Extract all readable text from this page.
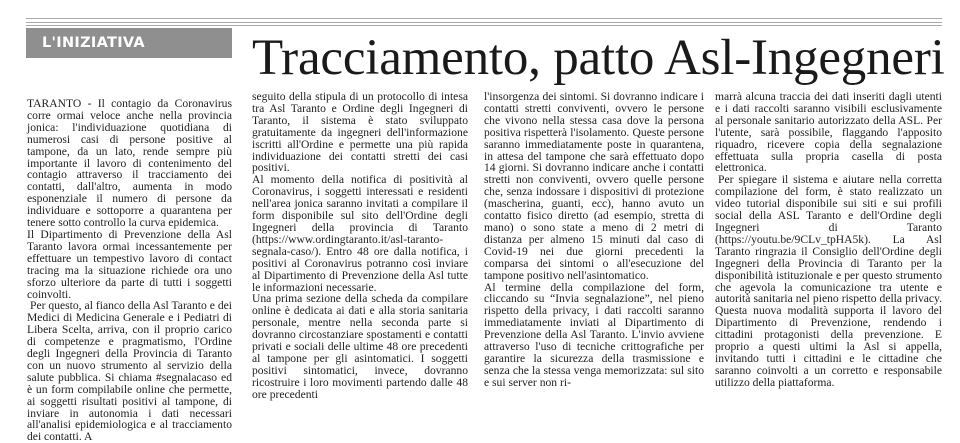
L'INIZIATIVA	Tracciamento, patto Asl-Ingegneri

TARANTO - Il contagio da Coronavirus corre ormai veloce anche nella provincia jonica: l'individuazione quotidiana di numerosi casi di persone positive al tampone, da un lato, rende sempre più importante il lavoro di contenimento del contagio attraverso il tracciamento dei contatti, dall'altro, aumenta in modo esponenziale il numero di persone da individuare e sottoporre a quarantena per tenere sotto controllo la curva epidemica.

Il Dipartimento di Prevenzione della Asl Taranto lavora ormai incessantemente per effettuare un tempestivo lavoro di contact tracing ma la situazione richiede ora uno sforzo ulteriore da parte di tutti i soggetti coinvolti.

Per questo, al fianco della Asl Taranto e dei Medici di Medicina Generale e i Pediatri di Libera Scelta, arriva, con il proprio carico di competenze e pragmatismo, l'Ordine degli Ingegneri della Provincia di Taranto con un nuovo strumento al servizio della salute pubblica. Si chiama #segnalacaso ed è un form compilabile online che permette, ai soggetti risultati positivi al tampone, di inviare in autonomia i dati necessari all'analisi epidemiologica e al tracciamento dei contatti. A

seguito della stipula di un protocollo di intesa tra Asl Taranto e Ordine degli Ingegneri di Taranto, il sistema è stato sviluppato gratuitamente da ingegneri dell'informazione iscritti all'Ordine e permette una più rapida individuazione dei contatti stretti dei casi positivi.

Al momento della notifica di positività al Coronavirus, i soggetti interessati e residenti nell'area jonica saranno invitati a compilare il form disponibile sul sito dell'Ordine degli Ingegneri della provincia di Taranto (https://www.ordingtaranto.it/asl-taranto-segnala-caso/). Entro 48 ore dalla notifica, i positivi al Coronavirus potranno così inviare al Dipartimento di Prevenzione della Asl tutte le informazioni necessarie.

Una prima sezione della scheda da compilare online è dedicata ai dati e alla storia sanitaria personale, mentre nella seconda parte si dovranno circostanziare spostamenti e contatti privati e sociali delle ultime 48 ore precedenti al tampone per gli asintomatici. I soggetti positivi sintomatici, invece, dovranno ricostruire i loro movimenti partendo dalle 48 ore precedenti

l'insorgenza dei sintomi. Si dovranno indicare i contatti stretti conviventi, ovvero le persone che vivono nella stessa casa dove la persona positiva rispetterà l'isolamento. Queste persone saranno immediatamente poste in quarantena, in attesa del tampone che sarà effettuato dopo 14 giorni. Si dovranno indicare anche i contatti stretti non conviventi, ovvero quelle persone che, senza indossare i dispositivi di protezione (mascherina, guanti, ecc), hanno avuto un contatto fisico diretto (ad esempio, stretta di mano) o sono state a meno di 2 metri di distanza per almeno 15 minuti dal caso di Covid-19 nei due giorni precedenti la comparsa dei sintomi o all'esecuzione del tampone positivo nell'asintomatico.

Al termine della compilazione del form, cliccando su “Invia segnalazione”, nel pieno rispetto della privacy, i dati raccolti saranno immediatamente inviati al Dipartimento di Prevenzione della Asl Taranto. L'invio avviene attraverso l'uso di tecniche crittografiche per garantire la sicurezza della trasmissione e senza che la stessa venga memorizzata: sul sito e sui server non ri-

marrà alcuna traccia dei dati inseriti dagli utenti e i dati raccolti saranno visibili esclusivamente al personale sanitario autorizzato della ASL. Per l'utente, sarà possibile, flaggando l'apposito riquadro, ricevere copia della segnalazione effettuata sulla propria casella di posta elettronica.

Per spiegare il sistema e aiutare nella corretta compilazione del form, è stato realizzato un video tutorial disponibile sui siti e sui profili social della ASL Taranto e dell'Ordine degli Ingegneri di Taranto (https://youtu.be/9CLv_tpHA5k). La Asl Taranto ringrazia il Consiglio dell'Ordine degli Ingegneri della Provincia di Taranto per la disponibilità istituzionale e per questo strumento che agevola la comunicazione tra utente e autorità sanitaria nel pieno rispetto della privacy. Questa nuova modalità supporta il lavoro del Dipartimento di Prevenzione, rendendo i cittadini protagonisti della prevenzione. E proprio a questi ultimi la Asl si appella, invitando tutti i cittadini e le cittadine che saranno coinvolti a un corretto e responsabile utilizzo della piattaforma.
